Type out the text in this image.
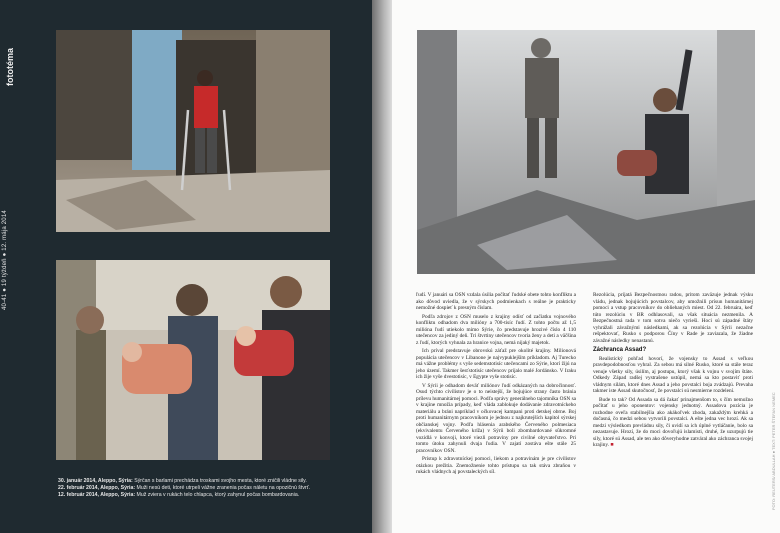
fototéma
40-41 ● 19 týždeň ● 12. mája 2014
30. január 2014, Aleppo, Sýria: Sýrčan s barlami prechádza troskami svojho mesta, ktoré zničili vládne sily.
22. február 2014, Aleppo, Sýria: Muži nesú deti, ktoré utrpeli vážne zranenia počas náletu na opozičnú štvrť.
12. február 2014, Aleppo, Sýria: Muž zviera v rukách telo chlapca, ktorý zahynul počas bombardovania.

ľudí. V januári sa OSN vzdala úsilia počítať ľudské obete tohto konfliktu a ako dôvod uviedla, že v sýrskych podmienkach s reálne je prakticky nemožné dospieť k presným číslam.

Podľa zdrojov z OSN muselo z krajiny odísť od začiatku vojnového konfliktu odhadom dva milióny a 700-tisíc ľudí. Z tohto počtu až 1,5 milióna ľudí utiekolo mimo Sýrie, čo predstavuje hrozivé číslo 4 110 utečencov za jediný deň. Tri štvrtiny utečencov tvoria ženy a deti a väčšina z ľudí, ktorých vyhnala za hranice vojna, nemá nijaký majetok.

Ich príval predstavuje obrovskú záťaž pre okolité krajiny. Milionová populácia utečencov v Libanone je najvypuklejším príkladom. Aj Turecko má vážne problémy s vyše sedemstotisíc utečencami zo Sýrie, ktorí žijú na jeho území. Takmer šesťstotisíc utečencov prijalo malé Jordánsko. V Iraku ich žije vyše dvestotisíc, v Egypte vyše stotisíc.

V Sýrii je odhadom deväť miliónov ľudí odkázaných na dobročinnosť. Osud týchto civilistov je o to neistejší, že bojujúce strany často bránia prílevu humanitárnej pomoci. Podľa správy generálneho tajomníka OSN sa v krajine množia prípady, keď vláda zablokuje dodávanie zdravotníckeho materiálu a bráni napríklad v očkovacej kampani proti detskej obrne. Boj proti humanitárnym pracovníkom je jednou z najkrutejších kapitol sýrskej občianskej vojny. Podľa hlásenia arabského Červeného polmesiaca (ekvivalentu Červeného kríža) v Sýrii boli zbombardované sûkromné vozidlá v konvoji, ktoré viezli potraviny pre civilné obyvateľstvo. Pri tomto útoku zahynuli dvaja ľudia. V zajatí zostáva ešte stále 25 pracovníkov OSN.

Prístup k zdravotníckej pomoci, liekom a potravinám je pre civilistov otázkou prežitia. Znemožnenie tohto prístupu sa tak stáva zbraňou v rukách vládnych aj povstaleckých síl.

Rezolúcia, prijatá Bezpečnostnou radou, pritom zaväzuje jednak výsku vládu, jednak bojujúcich povstalcov, aby umožnili prísun humanitárnej pomoci a vstup pracovníkov do obliehaných miest. Od 22. februára, keď túto rezolúciu v BR odhlasovali, sa však situácia nezmenila. A Bezpečnostná rada v tom sotva niečo vyrieši. Hoci sú západné štáty vyhrážali závažnými následkami, ak sa rezolúcia v Sýrii nezačne rešpektovať, Rusko s podporou Číny v Rade je zaviazala, že žiadne závažné následky nenastanú.

Záchranca Assad?

Realistický pohľad hovorí, že vojensky to Assad s veľkou pravdepodobnosťou vyhral. Za sebou má silné Rusko, ktoré sa stále teraz venuje všetky sily, úsilím, aj postupu, ktorý však k vojnu v svojím štáte. Odkedy Západ radšej vystrašene ustúpil, nemá sa kto postaviť proti vládnym silám, ktoré dnes Assad a jeho povstalci boja zvádzajú. Prevaha takmer iste Assad skutočnosť, že povstalci sú nesmierne rozdelení.

Bude to tak? Od Assada sa dá čakať prinajmenšom to, s čím nemožno počítať u jeho oponentov: vojensky jednotný. Assadova pozícia je rozhodne oveľa stabilnejšia ako akákoľvek zhoda, zakaždým krehká a dočasná, čo medzi sebou vytvorili povstalci. A ešte jedna vec hrozí. Ak sa medzi výsledkom prevládnu sily, či uvidí sa ich úplné vytláčanie, bolo sa nezastavuje. Hrozí, že do moci dovoľujú islamisti, druhé, že uzurpujú tie sily, ktoré sú Assad, ale ten ako dôveryhodne zatváral ako záchranca svojej krajiny. ■	FOTO: REUTERS/ ABDULLAH ● TEXT: PETER ŠTEFAN NEMEC
